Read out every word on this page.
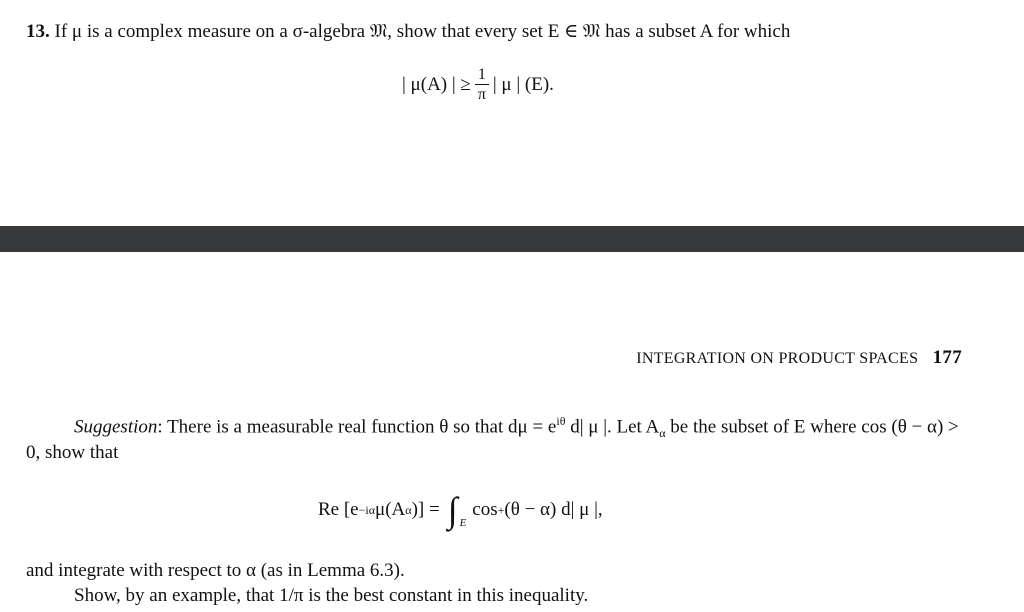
13. If μ is a complex measure on a σ-algebra 𝔐, show that every set E ∈ 𝔐 has a subset A for which
| μ(A) | ≥ $\frac{1}{\pi}$ | μ | (E).
INTEGRATION ON PRODUCT SPACES 177
Suggestion: There is a measurable real function θ so that $d\mu = e^{i\theta}$ d| μ |. Let $A_\alpha$ be the subset of E where cos (θ − α) > 0, show that
Re [e −iα μ(A α )] = ∫ E
cos + (θ − α) d| μ |,
and integrate with respect to α (as in Lemma 6.3).
Show, by an example, that 1/π is the best constant in this inequality.
